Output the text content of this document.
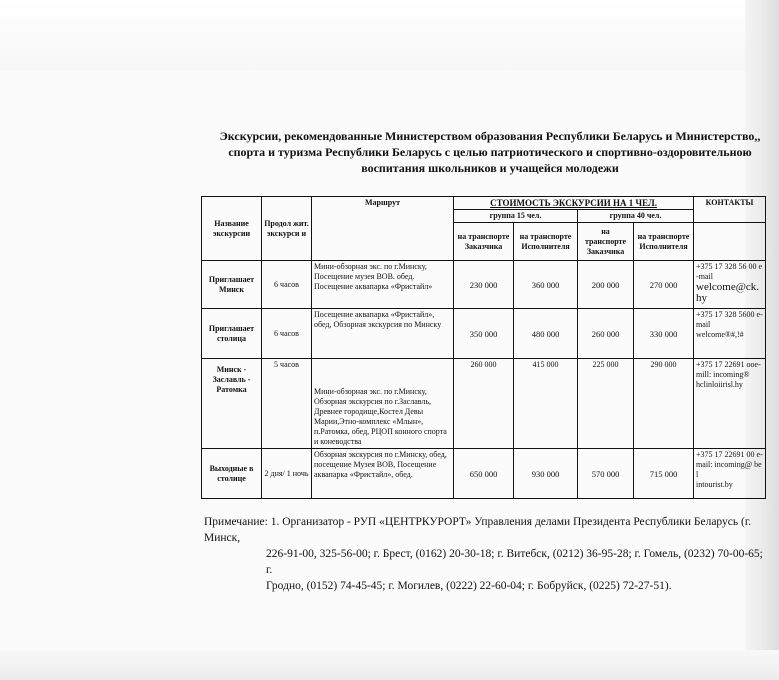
Экскурсии, рекомендованные Министерством образования Республики Беларусь и Министерство,,
спорта и туризма Республики Беларусь с целью патриотического и спортивно-оздоровительною
воспитания школьников и учащейся молодежи
Название экскурсии	Продол жит. экскурси и	Маршрут	СТОИМОСТЬ ЭКСКУРСИИ НА 1 ЧЕЛ.				КОНТАКТЫ
			группа 15 чел.		группа 40 чел.		
			на транспорте Заказчика	на транспорте Исполнителя	на транспорте Заказчика	на транспорте Исполнителя	
Приглашает Минск	6 часов	Мини-обзорная экс. по г.Минску, Посещение музея ВОВ. обед. Посещение аквапарка «Фристайл»	230 000	360 000	200 000	270 000	+375 17 328 56 00 e-mail
welcome@ck.hy
Приглашает столица	6 часов	Посещение аквапарка «Фристайл», обед, Обзорная экскурсия по Минску	350 000	480 000	260 000	330 000	+375 17 328 5600 e-mail
welcome®#,!#
Минск - Заславль - Ратомка	5 часов	Мини-обзорная экс. по г.Минску, Обзорная экскурсия по г.Заславль, Древнее городище,Костел Девы Марии,Этно-комплекс «Млын», п.Ратомка, обед, РЦОП конного спорта и коневодства	260 000	415 000	225 000	290 000	+375 17 22691 ooe-mill: incoming®
hclinloiirisl.hy
Выходные в столице	2 дня/ 1 ночь	Обзорная экскурсия по г.Минску, обед, посещение Музея ВОВ, Посещение аквапарка «Фристайл», обед.	650 000	930 000	570 000	715 000	+375 17 22691 00 e-mail: incoming@ bel
intourist.by
Примечание: 1. Организатор - РУП «ЦЕНТРКУРОРТ» Управления делами Президента Республики Беларусь (г. Минск,
226-91-00, 325-56-00; г. Брест, (0162) 20-30-18; г. Витебск, (0212) 36-95-28; г. Гомель, (0232) 70-00-65; г.
Гродно, (0152) 74-45-45; г. Могилев, (0222) 22-60-04; г. Бобруйск, (0225) 72-27-51).
